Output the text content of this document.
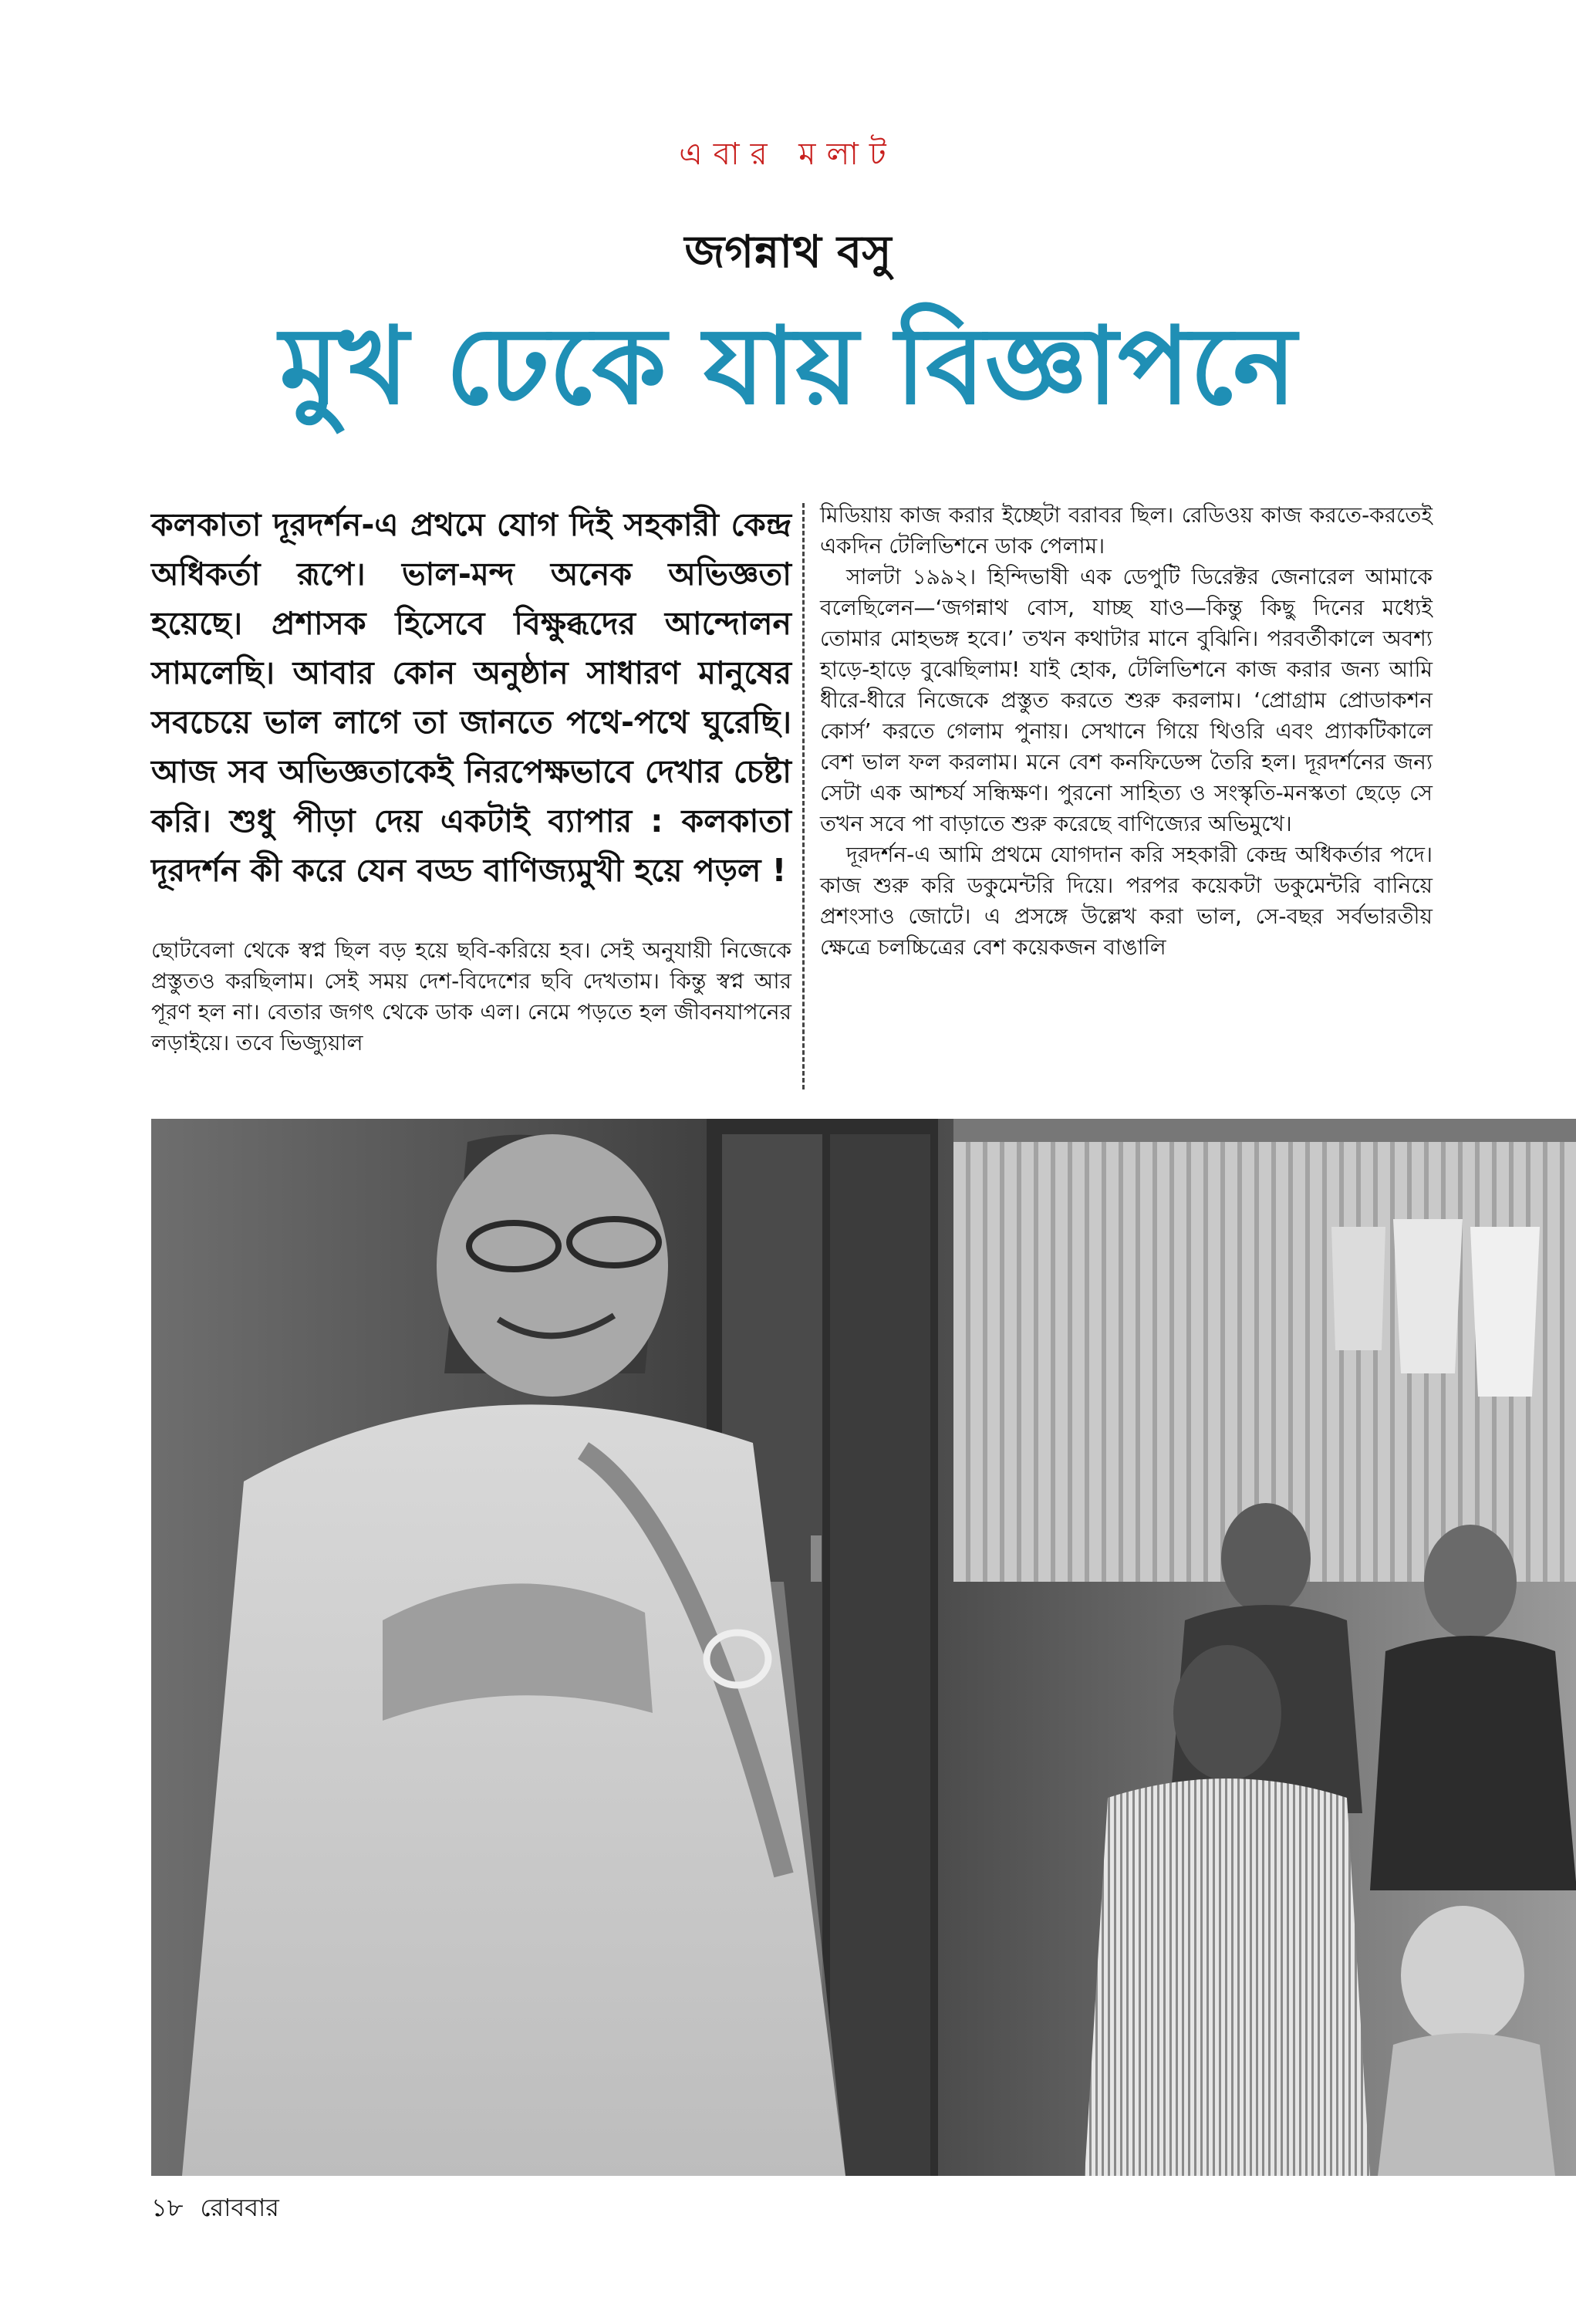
এবার মলাট
জগন্নাথ বসু
মুখ ঢেকে যায় বিজ্ঞাপনে

কলকাতা দূরদর্শন-এ প্রথমে যোগ দিই সহকারী কেন্দ্র অধিকর্তা রূপে। ভাল-মন্দ অনেক অভিজ্ঞতা হয়েছে। প্রশাসক হিসেবে বিক্ষুব্ধদের আন্দোলন সামলেছি। আবার কোন অনুষ্ঠান সাধারণ মানুষের সবচেয়ে ভাল লাগে তা জানতে পথে-পথে ঘুরেছি। আজ সব অভিজ্ঞতাকেই নিরপেক্ষভাবে দেখার চেষ্টা করি। শুধু পীড়া দেয় একটাই ব্যাপার : কলকাতা দূরদর্শন কী করে যেন বড্ড বাণিজ্যমুখী হয়ে পড়ল !

ছোটবেলা থেকে স্বপ্ন ছিল বড় হয়ে ছবি-করিয়ে হব। সেই অনুযায়ী নিজেকে প্রস্তুতও করছিলাম। সেই সময় দেশ-বিদেশের ছবি দেখতাম। কিন্তু স্বপ্ন আর পূরণ হল না। বেতার জগৎ থেকে ডাক এল। নেমে পড়তে হল জীবনযাপনের লড়াইয়ে। তবে ভিজ্যুয়াল

মিডিয়ায় কাজ করার ইচ্ছেটা বরাবর ছিল। রেডিওয় কাজ করতে-করতেই একদিন টেলিভিশনে ডাক পেলাম।

সালটা ১৯৯২। হিন্দিভাষী এক ডেপুটি ডিরেক্টর জেনারেল আমাকে বলেছিলেন—‘জগন্নাথ বোস, যাচ্ছ যাও—কিন্তু কিছু দিনের মধ্যেই তোমার মোহভঙ্গ হবে।’ তখন কথাটার মানে বুঝিনি। পরবর্তীকালে অবশ্য হাড়ে-হাড়ে বুঝেছিলাম! যাই হোক, টেলিভিশনে কাজ করার জন্য আমি ধীরে-ধীরে নিজেকে প্রস্তুত করতে শুরু করলাম। ‘প্রোগ্রাম প্রোডাকশন কোর্স’ করতে গেলাম পুনায়। সেখানে গিয়ে থিওরি এবং প্র্যাকটিকালে বেশ ভাল ফল করলাম। মনে বেশ কনফিডেন্স তৈরি হল। দূরদর্শনের জন্য সেটা এক আশ্চর্য সন্ধিক্ষণ। পুরনো সাহিত্য ও সংস্কৃতি-মনস্কতা ছেড়ে সে তখন সবে পা বাড়াতে শুরু করেছে বাণিজ্যের অভিমুখে।

দূরদর্শন-এ আমি প্রথমে যোগদান করি সহকারী কেন্দ্র অধিকর্তার পদে। কাজ শুরু করি ডকুমেন্টরি দিয়ে। পরপর কয়েকটা ডকুমেন্টরি বানিয়ে প্রশংসাও জোটে। এ প্রসঙ্গে উল্লেখ করা ভাল, সে-বছর সর্বভারতীয় ক্ষেত্রে চলচ্চিত্রের বেশ কয়েকজন বাঙালি

১৮ রোববার
